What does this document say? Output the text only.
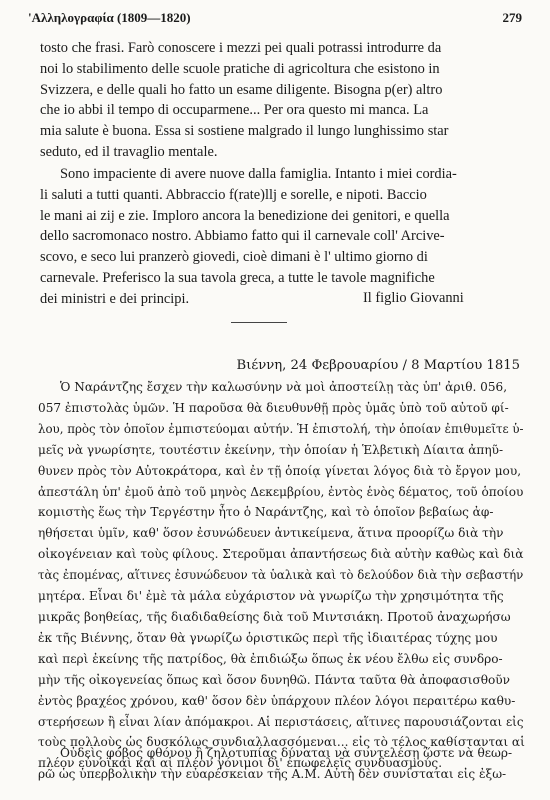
'Αλληλογραφία (1809—1820)	279

tosto che frasi. Farò conoscere i mezzi pei quali potrassi introdurre da
noi lo stabilimento delle scuole pratiche di agricoltura che esistono in
Svizzera, e delle quali ho fatto un esame diligente. Bisogna p(er) altro
che io abbi il tempo di occuparmene... Per ora questo mi manca. La
mia salute è buona. Essa si sostiene malgrado il lungo lunghissimo star
seduto, ed il travaglio mentale.

Sono impaciente di avere nuove dalla famiglia. Intanto i miei cordia-
li saluti a tutti quanti. Abbraccio f(rate)llj e sorelle, e nipoti. Baccio
le mani ai zij e zie. Imploro ancora la benedizione dei genitori, e quella
dello sacromonaco nostro. Abbiamo fatto qui il carnevale coll' Arcive-
scovo, e seco lui pranzerò giovedi, cioè dimani è l' ultimo giorno di
carnevale. Preferisco la sua tavola greca, a tutte le tavole magnifiche
dei ministri e dei principi.	Il figlio Giovanni
Βιέννη, 24 Φεβρουαρίου / 8 Μαρτίου 1815

Ὁ Ναράντζης ἔσχεν τὴν καλωσύνην νὰ μοὶ ἀποστείλῃ τὰς ὑπ' ἀριθ. 056,
057 ἐπιστολὰς ὑμῶν. Ἡ παροῦσα θὰ διευθυνθῇ πρὸς ὑμᾶς ὑπὸ τοῦ αὐτοῦ φί-
λου, πρὸς τὸν ὁποῖον ἐμπιστεύομαι αὐτήν. Ἡ ἐπιστολή, τὴν ὁποίαν ἐπιθυμεῖτε ὑ-
μεῖς νὰ γνωρίσητε, τουτέστιν ἐκείνην, τὴν ὁποίαν ἡ Ἑλβετικὴ Δίαιτα ἀπηῦ-
θυνεν πρὸς τὸν Αὐτοκράτορα, καὶ ἐν τῇ ὁποίᾳ γίνεται λόγος διὰ τὸ ἔργον μου,
ἀπεστάλη ὑπ' ἐμοῦ ἀπὸ τοῦ μηνὸς Δεκεμβρίου, ἐντὸς ἑνὸς δέματος, τοῦ ὁποίου
κομιστὴς ἕως τὴν Τεργέστην ἦτο ὁ Ναράντζης, καὶ τὸ ὁποῖον βεβαίως ἀφ-
ηθήσεται ὑμῖν, καθ' ὅσον ἐσυνώδευεν ἀντικείμενα, ἅτινα προορίζω διὰ τὴν
οἰκογένειαν καὶ τοὺς φίλους. Στεροῦμαι ἀπαντήσεως διὰ αὐτὴν καθὼς καὶ διὰ
τὰς ἐπομένας, αἵτινες ἐσυνώδευον τὰ ὑαλικὰ καὶ τὸ δελούδον διὰ τὴν σεβαστήν
μητέρα. Εἶναι δι' ἐμὲ τὰ μάλα εὐχάριστον νὰ γνωρίζω τὴν χρησιμότητα τῆς
μικρᾶς βοηθείας, τῆς διαδιδαθείσης διὰ τοῦ Μιντσιάκη. Προτοῦ ἀναχωρήσω
ἐκ τῆς Βιέννης, ὅταν θὰ γνωρίζω ὁριστικῶς περὶ τῆς ἰδιαιτέρας τύχης μου
καὶ περὶ ἐκείνης τῆς πατρίδος, θὰ ἐπιδιώξω ὅπως ἐκ νέου ἔλθω εἰς συνδρο-
μὴν τῆς οἰκογενείας ὅπως καὶ ὅσον δυνηθῶ. Πάντα ταῦτα θὰ ἀποφασισθοῦν
ἐντὸς βραχέος χρόνου, καθ' ὅσον δὲν ὑπάρχουν πλέον λόγοι περαιτέρω καθυ-
στερήσεων ἢ εἶναι λίαν ἀπόμακροι. Αἱ περιστάσεις, αἵτινες παρουσιάζονται εἰς
τοὺς πολλοὺς ὡς δυσκόλως συνδιαλλασσόμεναι... εἰς τὸ τέλος καθίστανται αἱ
πλέον εὐνοϊκαὶ καὶ αἱ πλέον γόνιμοι δι' ἐπωφελεῖς συνδυασμούς.

Οὐδεὶς φόβος φθόνου ἢ ζηλοτυπίας δύναται νὰ συντελέσῃ ὥστε νὰ θεωρ-
ρῶ ὡς ὑπερβολικὴν τὴν εὐαρέσκειαν τῆς Α.Μ. Αὐτὴ δὲν συνίσταται εἰς ἐξω-
